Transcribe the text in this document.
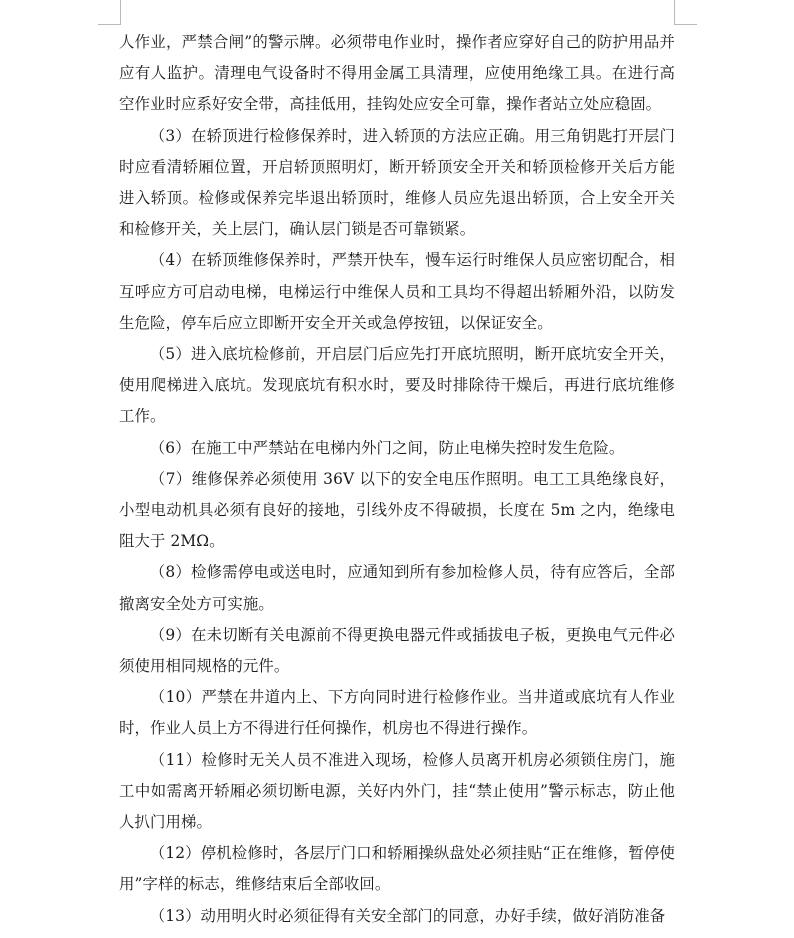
人作业，严禁合闸”的警示牌。必须带电作业时，操作者应穿好自己的防护用品并应有人监护。清理电气设备时不得用金属工具清理，应使用绝缘工具。在进行高空作业时应系好安全带，高挂低用，挂钩处应安全可靠，操作者站立处应稳固。

（3）在轿顶进行检修保养时，进入轿顶的方法应正确。用三角钥匙打开层门时应看清轿厢位置，开启轿顶照明灯，断开轿顶安全开关和轿顶检修开关后方能进入轿顶。检修或保养完毕退出轿顶时，维修人员应先退出轿顶，合上安全开关和检修开关，关上层门，确认层门锁是否可靠锁紧。

（4）在轿顶维修保养时，严禁开快车，慢车运行时维保人员应密切配合，相互呼应方可启动电梯，电梯运行中维保人员和工具均不得超出轿厢外沿，以防发生危险，停车后应立即断开安全开关或急停按钮，以保证安全。

（5）进入底坑检修前，开启层门后应先打开底坑照明，断开底坑安全开关，使用爬梯进入底坑。发现底坑有积水时，要及时排除待干燥后，再进行底坑维修工作。

（6）在施工中严禁站在电梯内外门之间，防止电梯失控时发生危险。

（7）维修保养必须使用 36V 以下的安全电压作照明。电工工具绝缘良好，小型电动机具必须有良好的接地，引线外皮不得破损，长度在 5m 之内，绝缘电阻大于 2MΩ。

（8）检修需停电或送电时，应通知到所有参加检修人员，待有应答后，全部撤离安全处方可实施。

（9）在未切断有关电源前不得更换电器元件或插拔电子板，更换电气元件必须使用相同规格的元件。

（10）严禁在井道内上、下方向同时进行检修作业。当井道或底坑有人作业时，作业人员上方不得进行任何操作，机房也不得进行操作。

（11）检修时无关人员不准进入现场，检修人员离开机房必须锁住房门，施工中如需离开轿厢必须切断电源，关好内外门，挂“禁止使用”警示标志，防止他人扒门用梯。

（12）停机检修时，各层厅门口和轿厢操纵盘处必须挂贴“正在维修，暂停使用”字样的标志，维修结束后全部收回。

（13）动用明火时必须征得有关安全部门的同意，办好手续，做好消防准备
